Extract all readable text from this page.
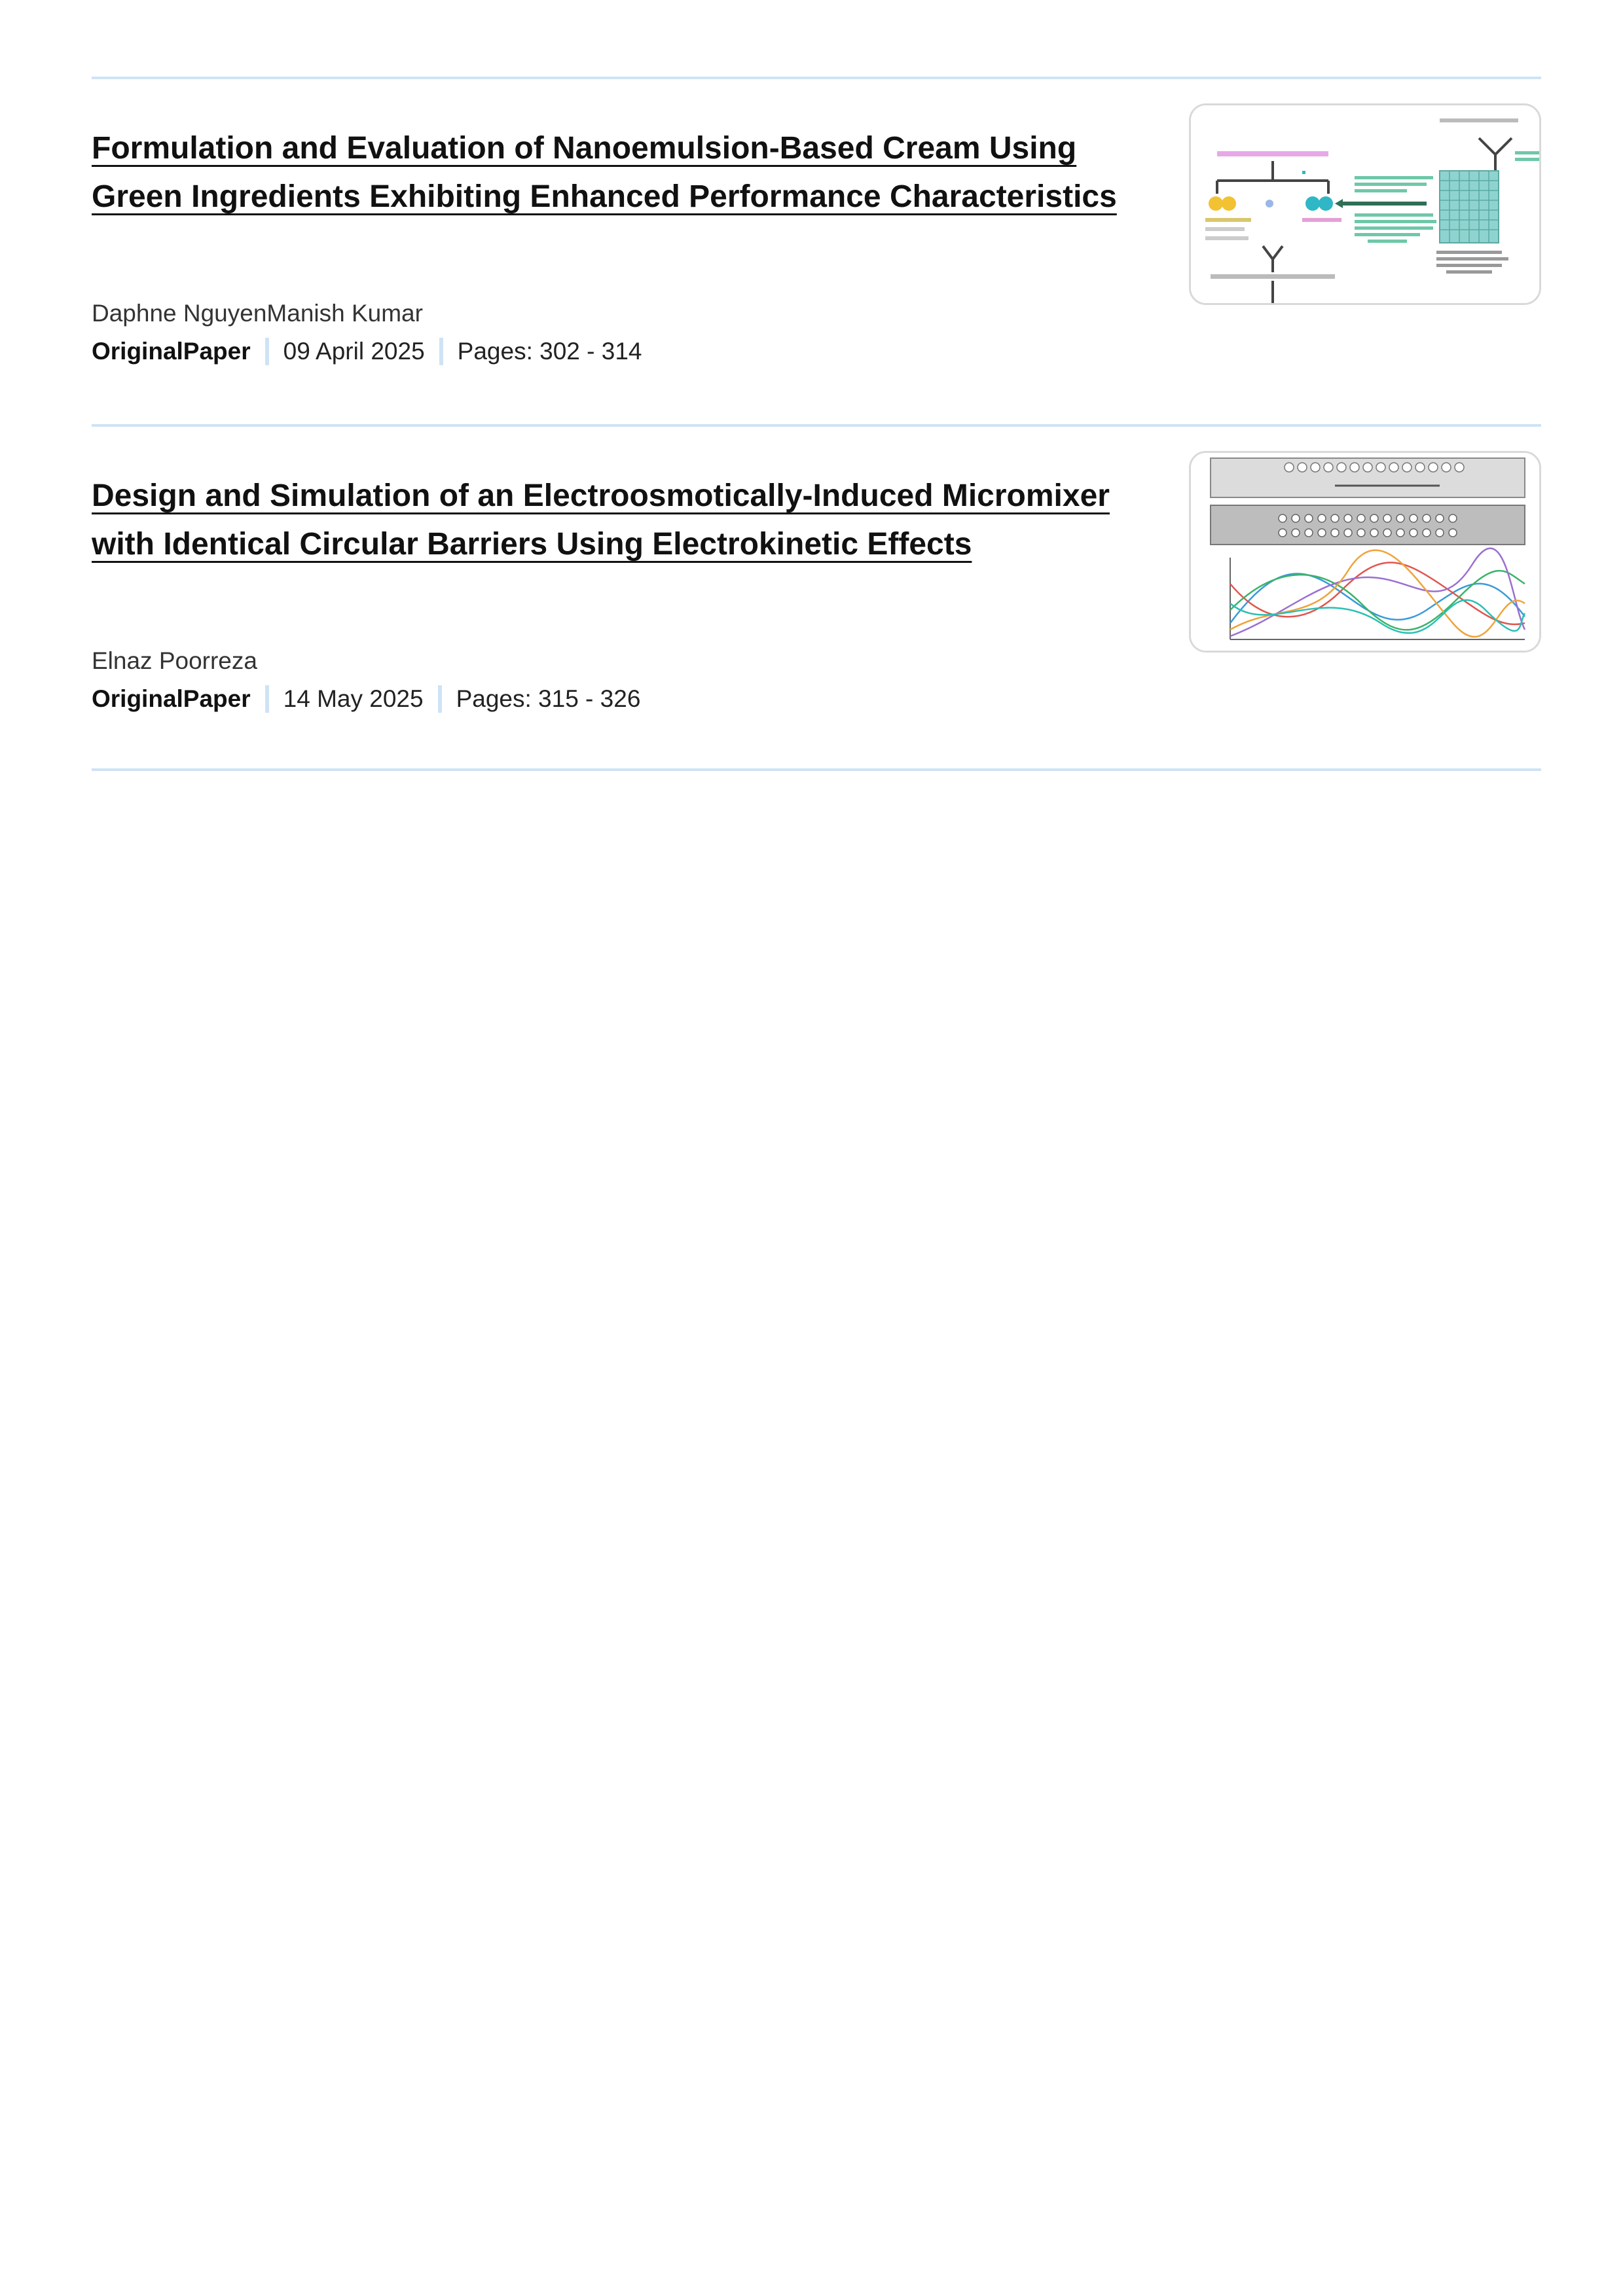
Formulation and Evaluation of Nanoemulsion-Based Cream Using Green Ingredients Exhibiting Enhanced Performance Characteristics
Daphne NguyenManish Kumar
OriginalPaper 09 April 2025 Pages: 302 - 314
Design and Simulation of an Electroosmotically-Induced Micromixer with Identical Circular Barriers Using Electrokinetic Effects
Elnaz Poorreza
OriginalPaper 14 May 2025 Pages: 315 - 326
